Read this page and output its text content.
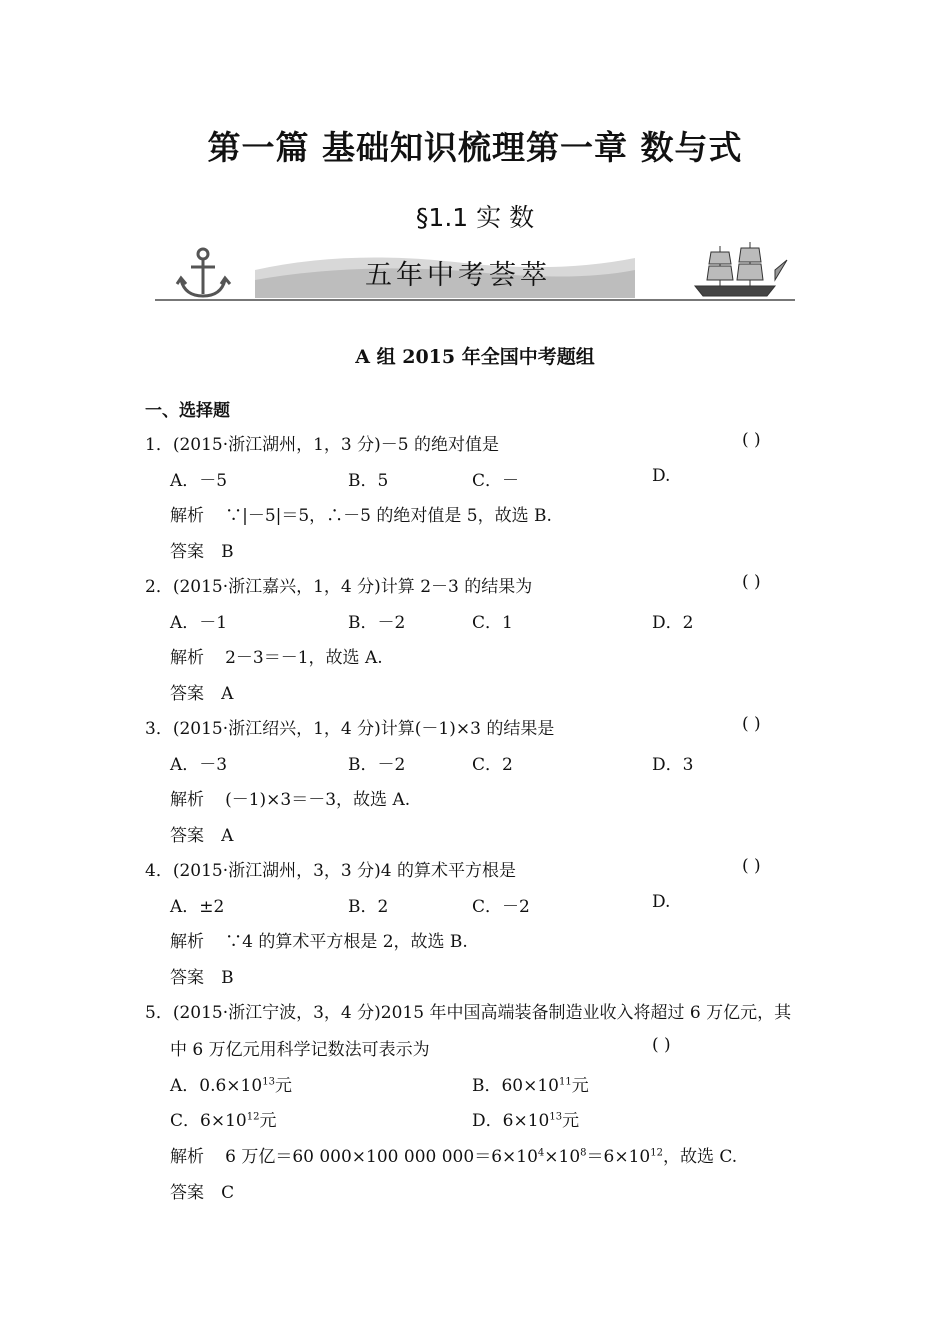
第一篇 基础知识梳理第一章 数与式
§1.1 实 数
五年中考荟萃
A 组 2015 年全国中考题组
一、选择题
1．(2015·浙江湖州，1，3 分)－5 的绝对值是	( )
A．－5	B．5	C．－	D.
解析 ∵|－5|＝5，∴－5 的绝对值是 5，故选 B.
答案 B
2．(2015·浙江嘉兴，1，4 分)计算 2－3 的结果为	( )
A．－1	B．－2	C．1	D．2
解析 2－3＝－1，故选 A.
答案 A
3．(2015·浙江绍兴，1，4 分)计算(－1)×3 的结果是	( )
A．－3	B．－2	C．2	D．3
解析 (－1)×3＝－3，故选 A.
答案 A
4．(2015·浙江湖州，3，3 分)4 的算术平方根是	( )
A．±2	B．2	C．－2	D.
解析 ∵4 的算术平方根是 2，故选 B.
答案 B
5．(2015·浙江宁波，3，4 分)2015 年中国高端装备制造业收入将超过 6 万亿元，其
中 6 万亿元用科学记数法可表示为	( )
A．$0.6\times 10^{13}$元	B．$60\times 10^{11}$元
C．$6\times 10^{12}$元	D．$6\times 10^{13}$元
解析 6 万亿＝60 000×100 000 $000=6\times 10^4\times 10^8=6\times 10^{12}$，故选 C.
答案 C
